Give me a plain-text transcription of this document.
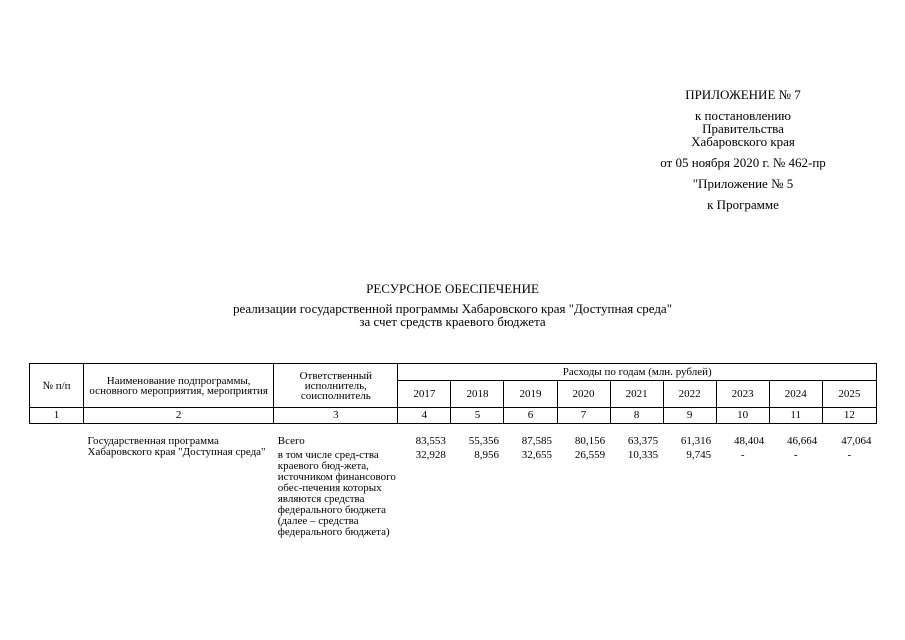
ПРИЛОЖЕНИЕ № 7
к постановлению
Правительства
Хабаровского края
от 05 ноября 2020 г. № 462-пр
"Приложение № 5
к Программе
РЕСУРСНОЕ ОБЕСПЕЧЕНИЕ
реализации государственной программы Хабаровского края "Доступная среда"
за счет средств краевого бюджета
№ п/п	Наименование подпрограммы, основного мероприятия, мероприятия	Ответственный исполнитель, соисполнитель	Расходы по годам (млн. рублей)								
			2017	2018	2019	2020	2021	2022	2023	2024	2025
1	2	3	4	5	6	7	8	9	10	11	12
	Государственная программа Хабаровского края "Доступная среда"	Всего	83,553	55,356	87,585	80,156	63,375	61,316	48,404	46,664	47,064
		в том числе сред-ства краевого бюд-жета, источником финансового обес-печения которых являются средства федерального бюджета (далее – средства федерального бюджета)	32,928	8,956	32,655	26,559	10,335	9,745	-	-	-
